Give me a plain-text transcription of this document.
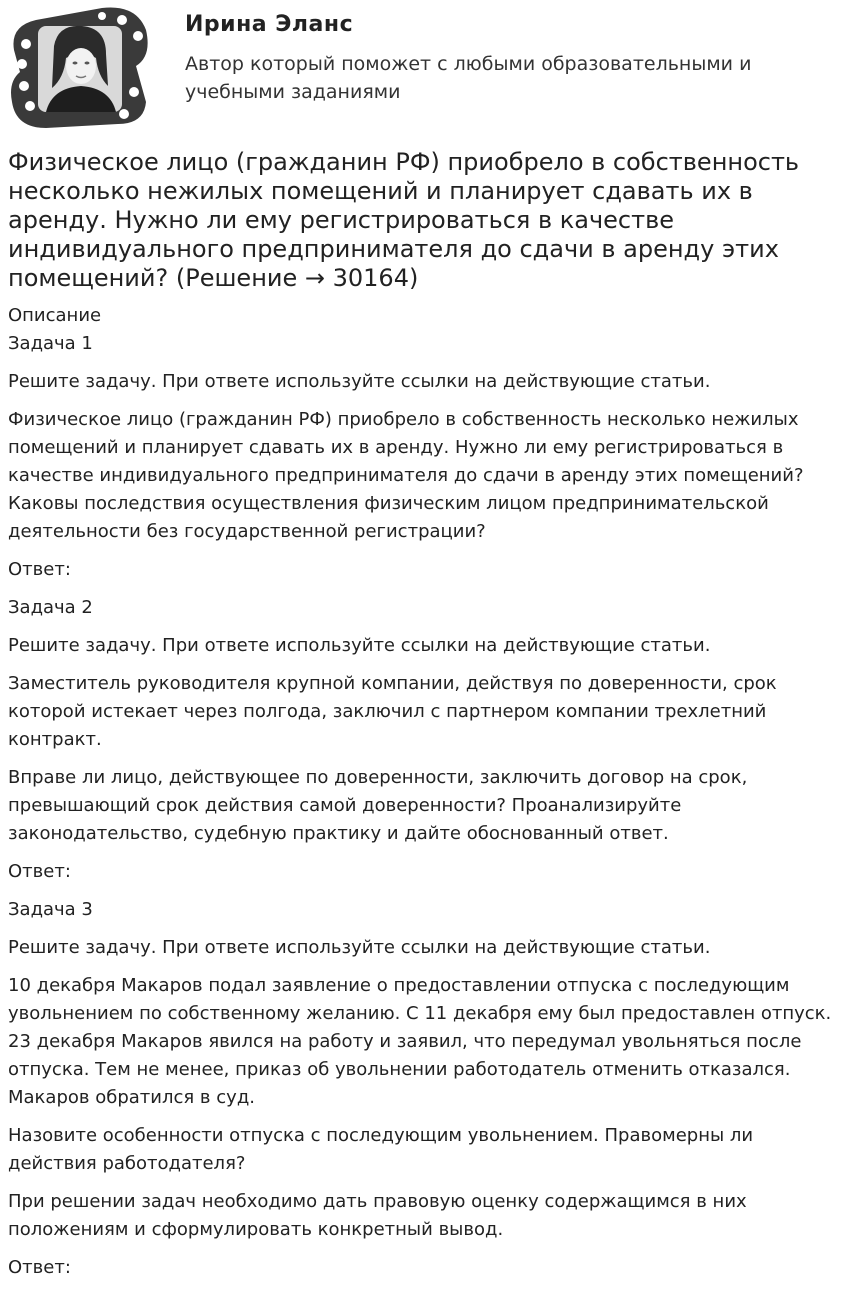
Ирина Эланс

Автор который поможет с любыми образовательными и учебными заданиями

Физическое лицо (гражданин РФ) приобрело в собственность несколько нежилых помещений и планирует сдавать их в аренду. Нужно ли ему регистрироваться в качестве индивидуального предпринимателя до сдачи в аренду этих помещений? (Решение → 30164)

Описание

Задача 1

Решите задачу. При ответе используйте ссылки на действующие статьи.

Физическое лицо (гражданин РФ) приобрело в собственность несколько нежилых помещений и планирует сдавать их в аренду. Нужно ли ему регистрироваться в качестве индивидуального предпринимателя до сдачи в аренду этих помещений? Каковы последствия осуществления физическим лицом предпринимательской деятельности без государственной регистрации?

Ответ:

Задача 2

Решите задачу. При ответе используйте ссылки на действующие статьи.

Заместитель руководителя крупной компании, действуя по доверенности, срок которой истекает через полгода, заключил с партнером компании трехлетний контракт.

Вправе ли лицо, действующее по доверенности, заключить договор на срок, превышающий срок действия самой доверенности? Проанализируйте законодательство, судебную практику и дайте обоснованный ответ.

Ответ:

Задача 3

Решите задачу. При ответе используйте ссылки на действующие статьи.

10 декабря Макаров подал заявление о предоставлении отпуска с последующим увольнением по собственному желанию. С 11 декабря ему был предоставлен отпуск. 23 декабря Макаров явился на работу и заявил, что передумал увольняться после отпуска. Тем не менее, приказ об увольнении работодатель отменить отказался. Макаров обратился в суд.

Назовите особенности отпуска с последующим увольнением. Правомерны ли действия работодателя?

При решении задач необходимо дать правовую оценку содержащимся в них положениям и сформулировать конкретный вывод.

Ответ:
